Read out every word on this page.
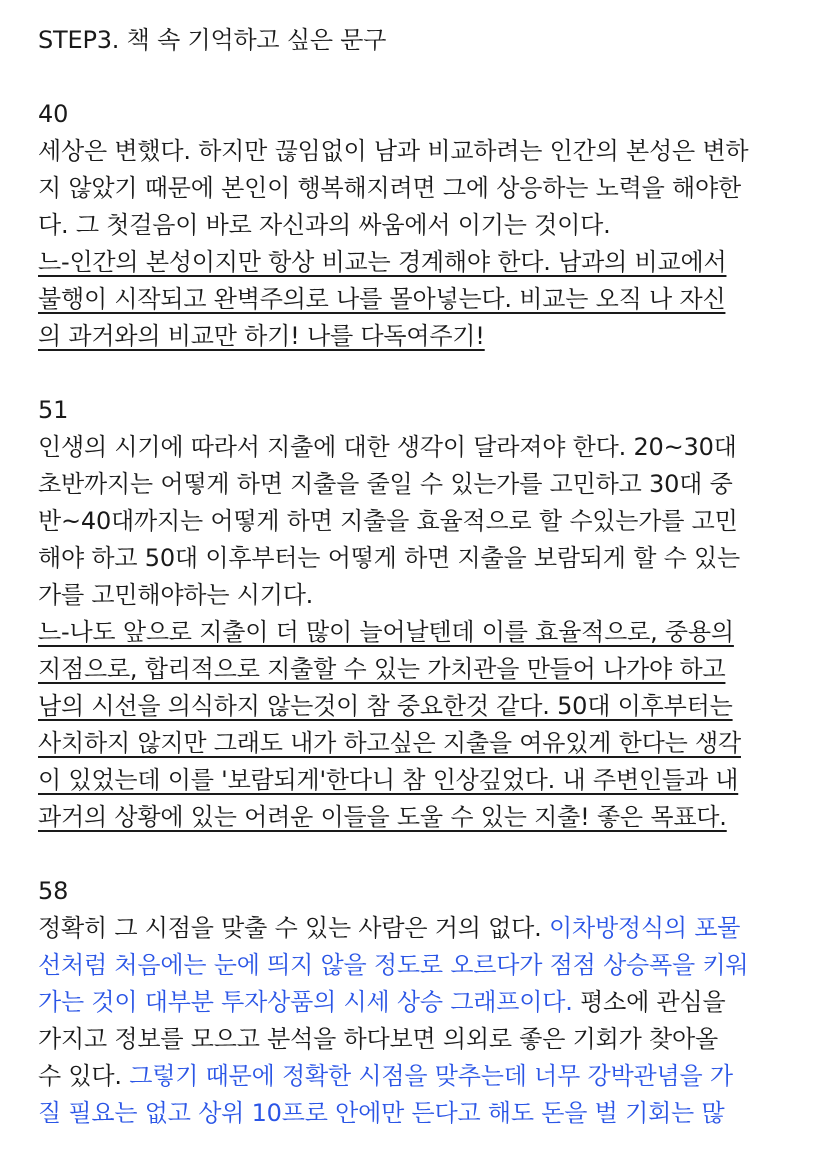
STEP3. 책 속 기억하고 싶은 문구
40
세상은 변했다. 하지만 끊임없이 남과 비교하려는 인간의 본성은 변하
지 않았기 때문에 본인이 행복해지려면 그에 상응하는 노력을 해야한
다. 그 첫걸음이 바로 자신과의 싸움에서 이기는 것이다.
느-인간의 본성이지만 항상 비교는 경계해야 한다. 남과의 비교에서
불행이 시작되고 완벽주의로 나를 몰아넣는다. 비교는 오직 나 자신
의 과거와의 비교만 하기! 나를 다독여주기!
51
인생의 시기에 따라서 지출에 대한 생각이 달라져야 한다. 20~30대
초반까지는 어떻게 하면 지출을 줄일 수 있는가를 고민하고 30대 중
반~40대까지는 어떻게 하면 지출을 효율적으로 할 수있는가를 고민
해야 하고 50대 이후부터는 어떻게 하면 지출을 보람되게 할 수 있는
가를 고민해야하는 시기다.
느-나도 앞으로 지출이 더 많이 늘어날텐데 이를 효율적으로, 중용의
지점으로, 합리적으로 지출할 수 있는 가치관을 만들어 나가야 하고
남의 시선을 의식하지 않는것이 참 중요한것 같다. 50대 이후부터는
사치하지 않지만 그래도 내가 하고싶은 지출을 여유있게 한다는 생각
이 있었는데 이를 '보람되게'한다니 참 인상깊었다. 내 주변인들과 내
과거의 상황에 있는 어려운 이들을 도울 수 있는 지출! 좋은 목표다.
58
정확히 그 시점을 맞출 수 있는 사람은 거의 없다. 이차방정식의 포물
선처럼 처음에는 눈에 띄지 않을 정도로 오르다가 점점 상승폭을 키워
가는 것이 대부분 투자상품의 시세 상승 그래프이다. 평소에 관심을
가지고 정보를 모으고 분석을 하다보면 의외로 좋은 기회가 찾아올
수 있다. 그렇기 때문에 정확한 시점을 맞추는데 너무 강박관념을 가
질 필요는 없고 상위 10프로 안에만 든다고 해도 돈을 벌 기회는 많
